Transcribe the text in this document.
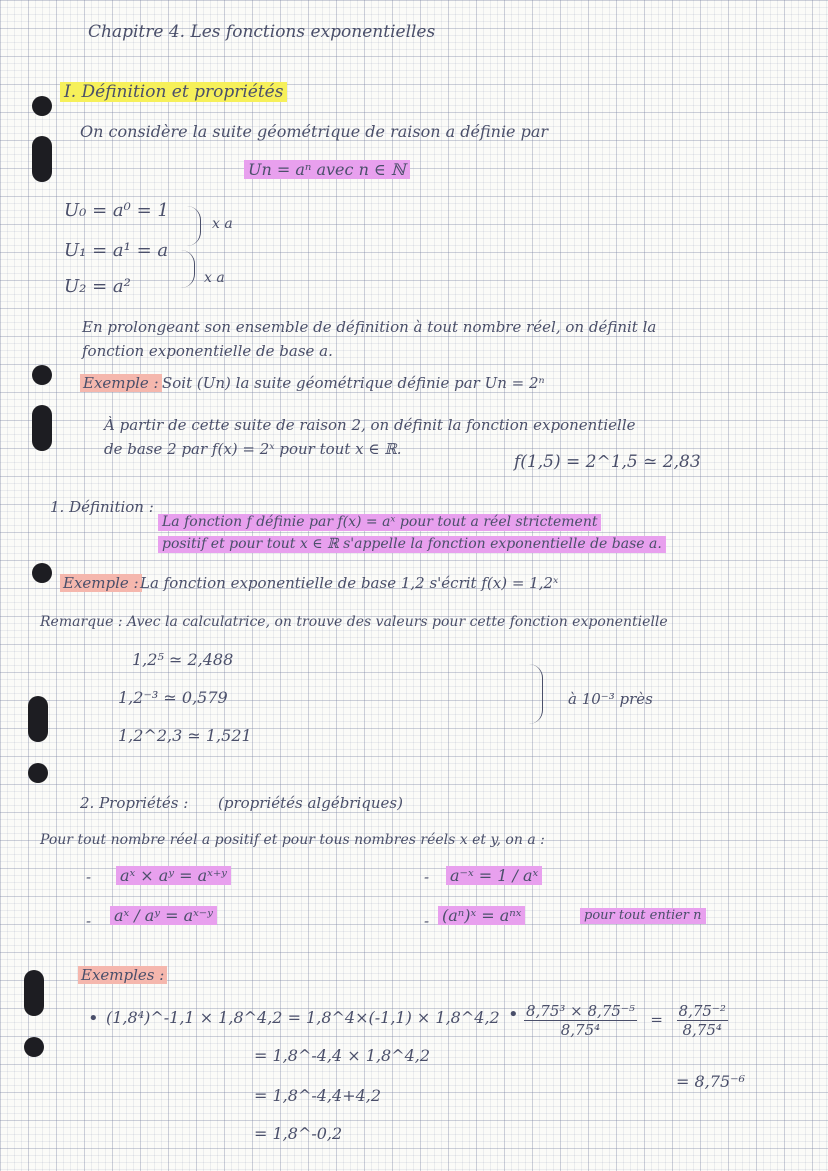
Chapitre 4. Les fonctions exponentielles
I. Définition et propriétés
On considère la suite géométrique de raison a définie par
Un = aⁿ avec n ∈ ℕ
U₀ = a⁰ = 1
U₁ = a¹ = a
U₂ = a²
x a
x a
En prolongeant son ensemble de définition à tout nombre réel, on définit la
fonction exponentielle de base a.
Exemple : Soit (Un) la suite géométrique définie par Un = 2ⁿ
À partir de cette suite de raison 2, on définit la fonction exponentielle
de base 2 par f(x) = 2ˣ pour tout x ∈ ℝ.
f(1,5) = 2^1,5 ≃ 2,83
1. Définition :
La fonction f définie par f(x) = aˣ pour tout a réel strictement
positif et pour tout x ∈ ℝ s'appelle la fonction exponentielle de base a.
Exemple : La fonction exponentielle de base 1,2 s'écrit f(x) = 1,2ˣ
Remarque : Avec la calculatrice, on trouve des valeurs pour cette fonction exponentielle
1,2⁵ ≃ 2,488
1,2⁻³ ≃ 0,579
1,2^2,3 ≃ 1,521
à 10⁻³ près
2. Propriétés : (propriétés algébriques)
Pour tout nombre réel a positif et pour tous nombres réels x et y, on a :
- aˣ × aʸ = aˣ⁺ʸ	- a⁻ˣ = 1 / aˣ
- aˣ / aʸ = aˣ⁻ʸ	- (aⁿ)ˣ = aⁿˣ	pour tout entier n
Exemples :
• (1,8⁴)^-1,1 × 1,8^4,2 = 1,8^4×(-1,1) × 1,8^4,2
= 1,8^-4,4 × 1,8^4,2
= 1,8^-4,4+4,2
= 1,8^-0,2
• $\frac{\text{8,75³ × 8,75⁻⁵}}{\text{8,75⁴}} = \frac{\text{8,75⁻²}}{\text{8,75⁴}}$
= 8,75⁻⁶
